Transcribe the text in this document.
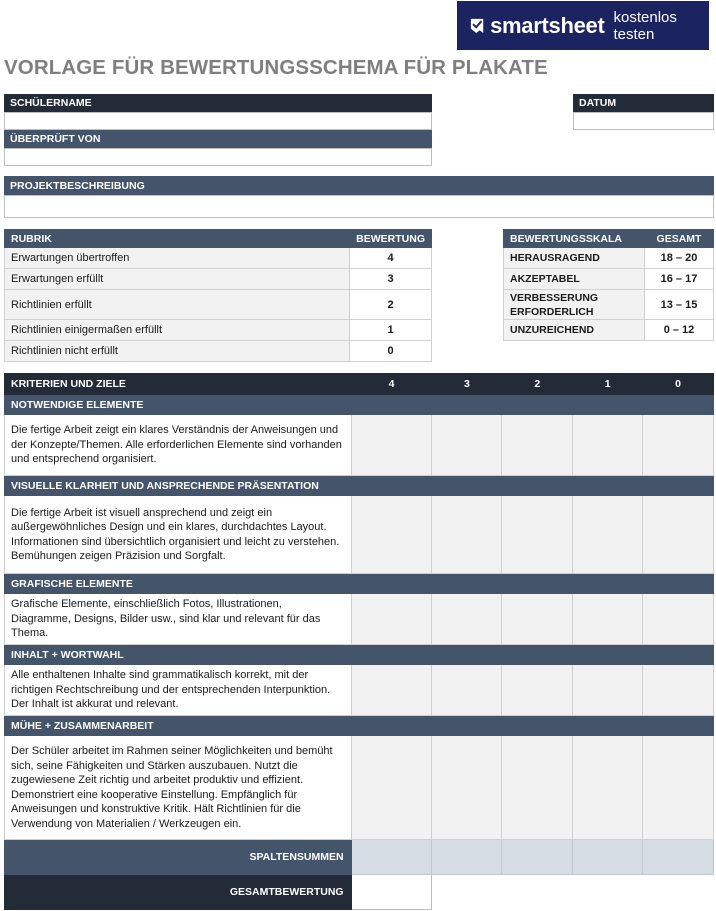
smartsheet kostenlos testen
VORLAGE FÜR BEWERTUNGSSCHEMA FÜR PLAKATE
SCHÜLERNAME	DATUM
ÜBERPRÜFT VON
PROJEKTBESCHREIBUNG
RUBRIK	BEWERTUNG
Erwartungen übertroffen	4
Erwartungen erfüllt	3
Richtlinien erfüllt	2
Richtlinien einigermaßen erfüllt	1
Richtlinien nicht erfüllt	0
BEWERTUNGSSKALA	GESAMT
HERAUSRAGEND	18 – 20
AKZEPTABEL	16 – 17
VERBESSERUNG ERFORDERLICH	13 – 15
UNZUREICHEND	0 – 12
KRITERIEN UND ZIELE	4	3	2	1	0
NOTWENDIGE ELEMENTE					
Die fertige Arbeit zeigt ein klares Verständnis der Anweisungen und der Konzepte/Themen. Alle erforderlichen Elemente sind vorhanden und entsprechend organisiert.					
VISUELLE KLARHEIT UND ANSPRECHENDE PRÄSENTATION					
Die fertige Arbeit ist visuell ansprechend und zeigt ein außergewöhnliches Design und ein klares, durchdachtes Layout. Informationen sind übersichtlich organisiert und leicht zu verstehen. Bemühungen zeigen Präzision und Sorgfalt.					
GRAFISCHE ELEMENTE					
Grafische Elemente, einschließlich Fotos, Illustrationen, Diagramme, Designs, Bilder usw., sind klar und relevant für das Thema.					
INHALT + WORTWAHL					
Alle enthaltenen Inhalte sind grammatikalisch korrekt, mit der richtigen Rechtschreibung und der entsprechenden Interpunktion. Der Inhalt ist akkurat und relevant.					
MÜHE + ZUSAMMENARBEIT					
Der Schüler arbeitet im Rahmen seiner Möglichkeiten und bemüht sich, seine Fähigkeiten und Stärken auszubauen. Nutzt die zugewiesene Zeit richtig und arbeitet produktiv und effizient. Demonstriert eine kooperative Einstellung. Empfänglich für Anweisungen und konstruktive Kritik. Hält Richtlinien für die Verwendung von Materialien / Werkzeugen ein.					
SPALTENSUMMEN					
GESAMTBEWERTUNG					
